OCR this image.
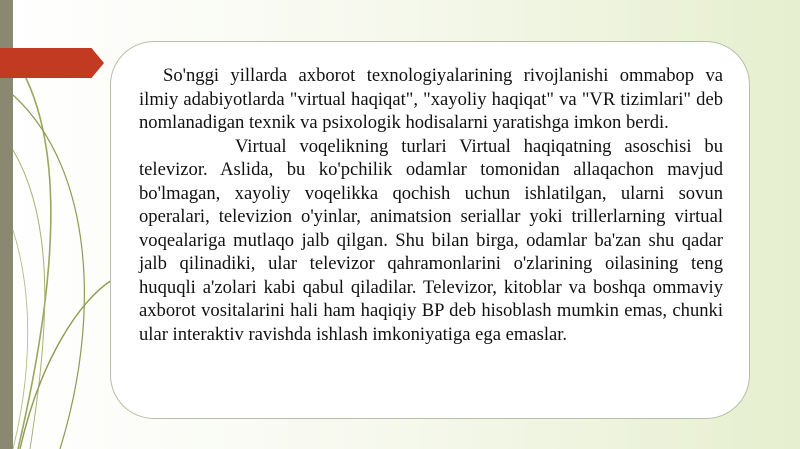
So'nggi yillarda axborot texnologiyalarining rivojlanishi ommabop va ilmiy adabiyotlarda "virtual haqiqat", "xayoliy haqiqat" va "VR tizimlari" deb nomlanadigan texnik va psixologik hodisalarni yaratishga imkon berdi.

Virtual voqelikning turlari Virtual haqiqatning asoschisi bu televizor. Aslida, bu ko'pchilik odamlar tomonidan allaqachon mavjud bo'lmagan, xayoliy voqelikka qochish uchun ishlatilgan, ularni sovun operalari, televizion o'yinlar, animatsion seriallar yoki trillerlarning virtual voqealariga mutlaqo jalb qilgan. Shu bilan birga, odamlar ba'zan shu qadar jalb qilinadiki, ular televizor qahramonlarini o'zlarining oilasining teng huquqli a'zolari kabi qabul qiladilar. Televizor, kitoblar va boshqa ommaviy axborot vositalarini hali ham haqiqiy BP deb hisoblash mumkin emas, chunki ular interaktiv ravishda ishlash imkoniyatiga ega emaslar.
